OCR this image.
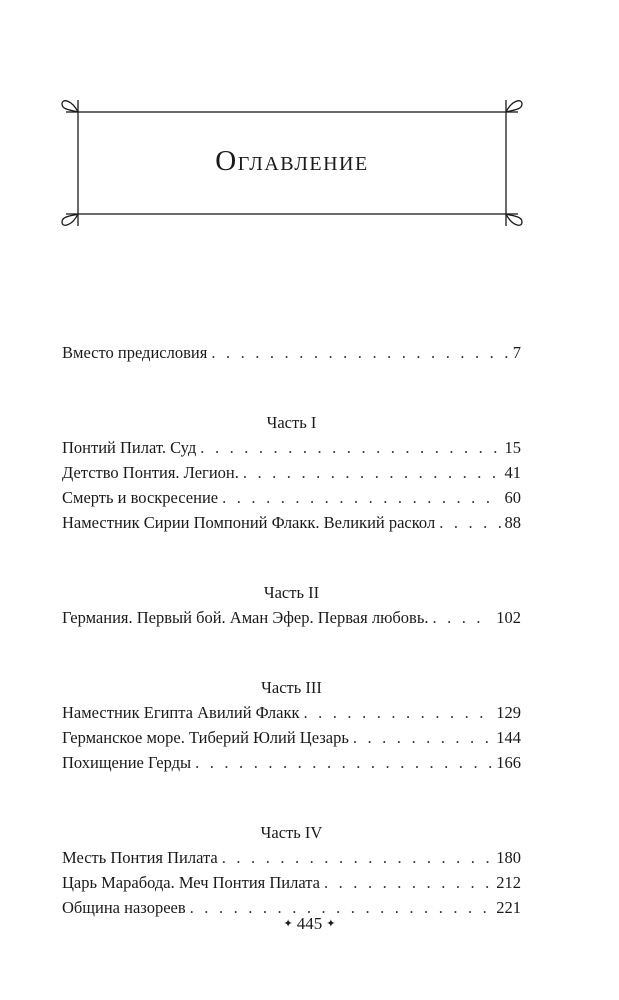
Оглавление
Вместо предисловия . . .	7
Часть I
Понтий Пилат. Суд . . .	15
Детство Понтия. Легион. . . .	41
Смерть и воскресение . . .	60
Наместник Сирии Помпоний Флакк. Великий раскол . . .	88
Часть II
Германия. Первый бой. Аман Эфер. Первая любовь. . . .	102
Часть III
Наместник Египта Авилий Флакк . . .	129
Германское море. Тиберий Юлий Цезарь . . .	144
Похищение Герды . . .	166
Часть IV
Месть Понтия Пилата . . .	180
Царь Марабода. Меч Понтия Пилата . . .	212
Община назореев . . .	221
✦ 445 ✦
